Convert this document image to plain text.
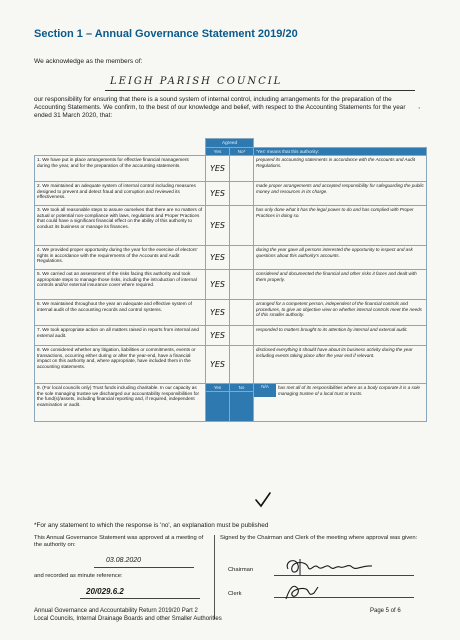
Section 1 – Annual Governance Statement 2019/20
We acknowledge as the members of:
LEIGH PARISH COUNCIL
,
our responsibility for ensuring that there is a sound system of internal control, including arrangements for the preparation of the Accounting Statements. We confirm, to the best of our knowledge and belief, with respect to the Accounting Statements for the year ended 31 March 2020, that:
	Agreed		
	Yes	No*	'Yes' means that this authority:
1. We have put in place arrangements for effective financial management during the year, and for the preparation of the accounting statements.	YES		prepared its accounting statements in accordance with the Accounts and Audit Regulations.
2. We maintained an adequate system of internal control including measures designed to prevent and detect fraud and corruption and reviewed its effectiveness.	YES		made proper arrangements and accepted responsibility for safeguarding the public money and resources in its charge.
3. We took all reasonable steps to assure ourselves that there are no matters of actual or potential non-compliance with laws, regulations and Proper Practices that could have a significant financial effect on the ability of this authority to conduct its business or manage its finances.	YES		has only done what it has the legal power to do and has complied with Proper Practices in doing so.
4. We provided proper opportunity during the year for the exercise of electors' rights in accordance with the requirements of the Accounts and Audit Regulations.	YES		during the year gave all persons interested the opportunity to inspect and ask questions about this authority's accounts.
5. We carried out an assessment of the risks facing this authority and took appropriate steps to manage those risks, including the introduction of internal controls and/or external insurance cover where required.	YES		considered and documented the financial and other risks it faces and dealt with them properly.
6. We maintained throughout the year an adequate and effective system of internal audit of the accounting records and control systems.	YES		arranged for a competent person, independent of the financial controls and procedures, to give an objective view on whether internal controls meet the needs of this smaller authority.
7. We took appropriate action on all matters raised in reports from internal and external audit.	YES		responded to matters brought to its attention by internal and external audit.
8. We considered whether any litigation, liabilities or commitments, events or transactions, occurring either during or after the year-end, have a financial impact on this authority and, where appropriate, have included them in the accounting statements.	YES		disclosed everything it should have about its business activity during the year including events taking place after the year end if relevant.
9. (For local councils only) Trust funds including charitable. In our capacity as the sole managing trustee we discharged our accountability responsibilities for the fund(s)/assets, including financial reporting and, if required, independent examination or audit.	Yes	No	N/A has met all of its responsibilities where as a body corporate it is a sole managing trustee of a local trust or trusts.

*For any statement to which the response is 'no', an explanation must be published
This Annual Governance Statement was approved at a meeting of the authority on:
03.08.2020
and recorded as minute reference:
20/029.6.2
Signed by the Chairman and Clerk of the meeting where approval was given:
Chairman
Clerk
Annual Governance and Accountability Return 2019/20 Part 2
Local Councils, Internal Drainage Boards and other Smaller Authorities
Page 5 of 6
